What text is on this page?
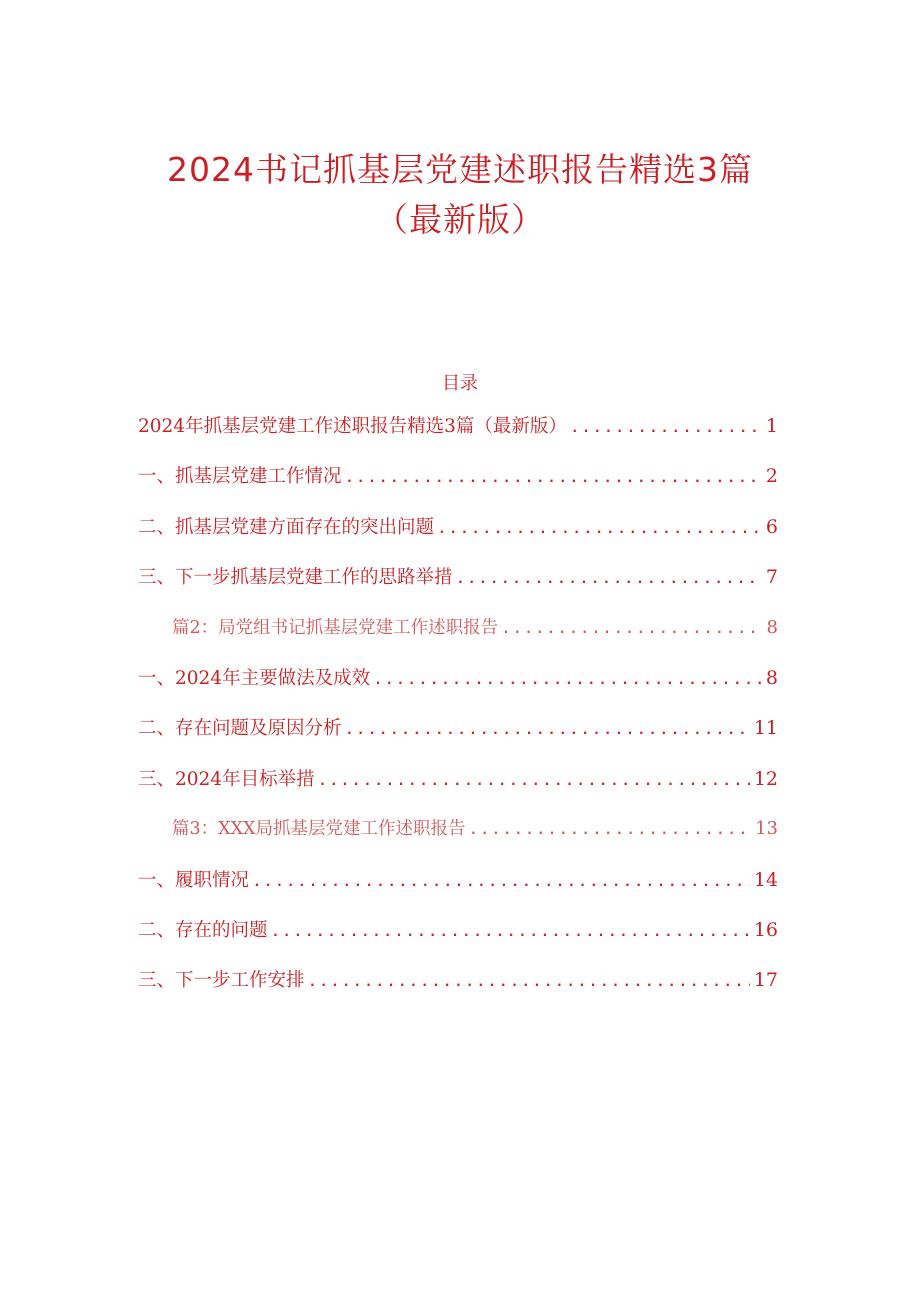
2024书记抓基层党建述职报告精选3篇
（最新版）
目录
2024年抓基层党建工作述职报告精选3篇（最新版） .....	1
一、抓基层党建工作情况 .....	2
二、抓基层党建方面存在的突出问题 .....	6
三、下一步抓基层党建工作的思路举措 .....	7
篇2：局党组书记抓基层党建工作述职报告 .....	8
一、2024年主要做法及成效 .....	8
二、存在问题及原因分析 .....	11
三、2024年目标举措 .....	12
篇3：XXX局抓基层党建工作述职报告 .....	13
一、履职情况 .....	14
二、存在的问题 .....	16
三、下一步工作安排 .....	17
